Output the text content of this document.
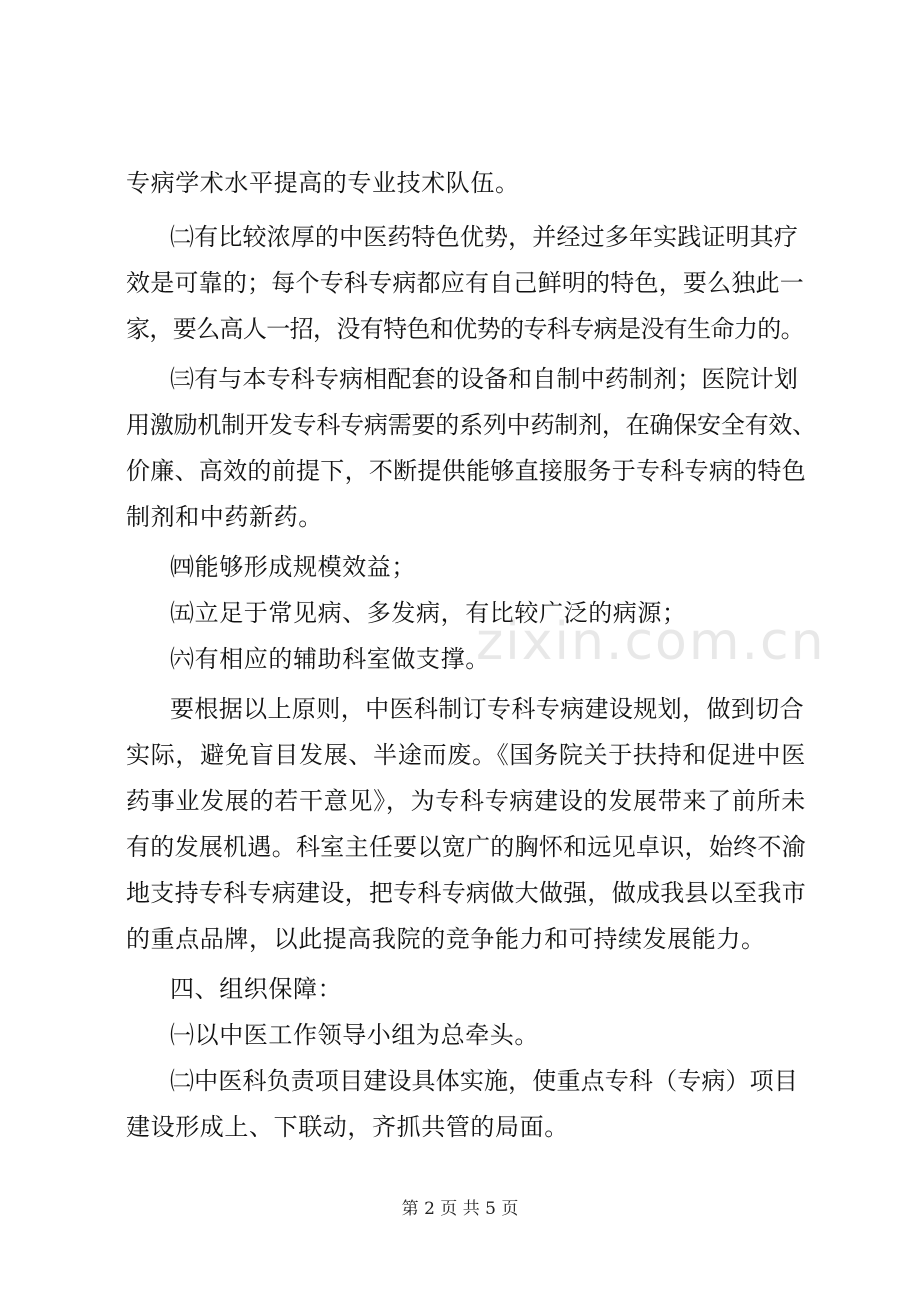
专病学术水平提高的专业技术队伍。
㈡有比较浓厚的中医药特色优势，并经过多年实践证明其疗
效是可靠的；每个专科专病都应有自己鲜明的特色，要么独此一
家，要么高人一招，没有特色和优势的专科专病是没有生命力的。
㈢有与本专科专病相配套的设备和自制中药制剂；医院计划
用激励机制开发专科专病需要的系列中药制剂，在确保安全有效、
价廉、高效的前提下，不断提供能够直接服务于专科专病的特色
制剂和中药新药。
㈣能够形成规模效益；
㈤立足于常见病、多发病，有比较广泛的病源；
㈥有相应的辅助科室做支撑。
要根据以上原则，中医科制订专科专病建设规划，做到切合
实际，避免盲目发展、半途而废。《国务院关于扶持和促进中医
药事业发展的若干意见》，为专科专病建设的发展带来了前所未
有的发展机遇。科室主任要以宽广的胸怀和远见卓识，始终不渝
地支持专科专病建设，把专科专病做大做强，做成我县以至我市
的重点品牌，以此提高我院的竞争能力和可持续发展能力。
四、组织保障：
㈠以中医工作领导小组为总牵头。
㈡中医科负责项目建设具体实施，使重点专科（专病）项目
建设形成上、下联动，齐抓共管的局面。
zixin.com.cn
第 2 页 共 5 页
